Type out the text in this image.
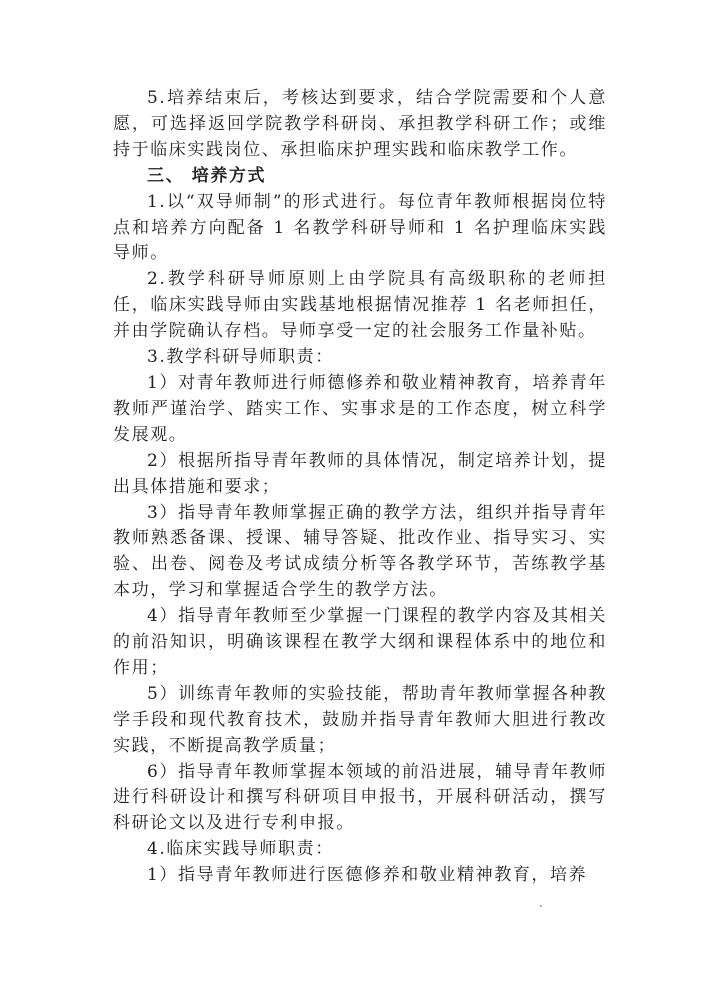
5.培养结束后，考核达到要求，结合学院需要和个人意愿，可选择返回学院教学科研岗、承担教学科研工作；或维持于临床实践岗位、承担临床护理实践和临床教学工作。

三、 培养方式

1.以“双导师制”的形式进行。每位青年教师根据岗位特点和培养方向配备 1 名教学科研导师和 1 名护理临床实践导师。

2.教学科研导师原则上由学院具有高级职称的老师担任，临床实践导师由实践基地根据情况推荐 1 名老师担任，并由学院确认存档。导师享受一定的社会服务工作量补贴。

3.教学科研导师职责：

1）对青年教师进行师德修养和敬业精神教育，培养青年教师严谨治学、踏实工作、实事求是的工作态度，树立科学发展观。

2）根据所指导青年教师的具体情况，制定培养计划，提出具体措施和要求；

3）指导青年教师掌握正确的教学方法，组织并指导青年教师熟悉备课、授课、辅导答疑、批改作业、指导实习、实验、出卷、阅卷及考试成绩分析等各教学环节，苦练教学基本功，学习和掌握适合学生的教学方法。

4）指导青年教师至少掌握一门课程的教学内容及其相关的前沿知识，明确该课程在教学大纲和课程体系中的地位和作用；

5）训练青年教师的实验技能，帮助青年教师掌握各种教学手段和现代教育技术，鼓励并指导青年教师大胆进行教改实践，不断提高教学质量；

6）指导青年教师掌握本领域的前沿进展，辅导青年教师进行科研设计和撰写科研项目申报书，开展科研活动，撰写科研论文以及进行专利申报。

4.临床实践导师职责：

1）指导青年教师进行医德修养和敬业精神教育，培养
